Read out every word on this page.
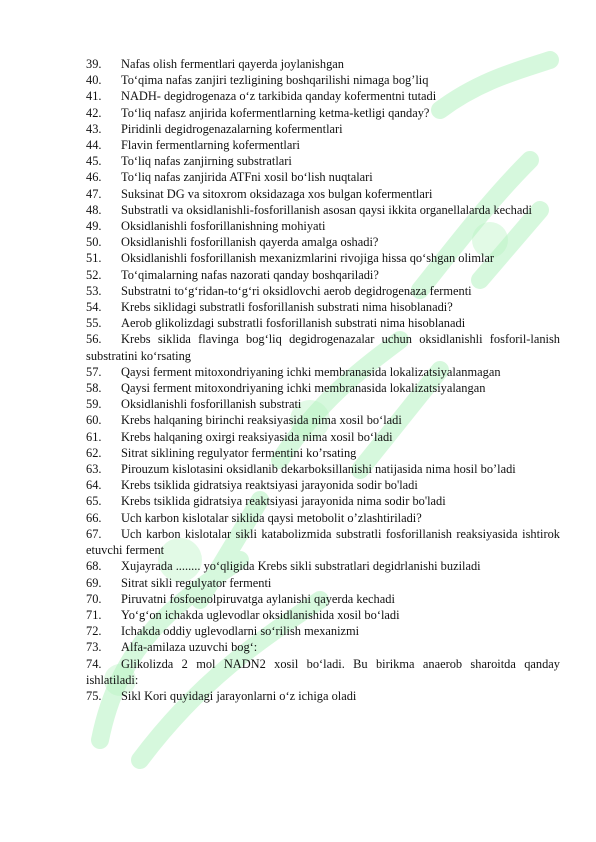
39. Nafas olish fermentlari qayerda joylanishgan
40. To‘qima nafas zanjiri tezligining boshqarilishi nimaga bog’liq
41. NADH- degidrogenaza o‘z tarkibida qanday kofermentni tutadi
42. To‘liq nafasz anjirida kofermentlarning ketma-ketligi qanday?
43. Piridinli degidrogenazalarning kofermentlari
44. Flavin fermentlarning kofermentlari
45. To‘liq nafas zanjirning substratlari
46. To‘liq nafas zanjirida ATFni xosil bo‘lish nuqtalari
47. Suksinat DG va sitoxrom oksidazaga xos bulgan kofermentlari
48. Substratli va oksidlanishli-fosforillanish asosan qaysi ikkita organellalarda kechadi
49. Oksidlanishli fosforillanishning mohiyati
50. Oksidlanishli fosforillanish qayerda amalga oshadi?
51. Oksidlanishli fosforillanish mexanizmlarini rivojiga hissa qo‘shgan olimlar
52. To‘qimalarning nafas nazorati qanday boshqariladi?
53. Substratni to‘g‘ridan-to‘g‘ri oksidlovchi aerob degidrogenaza fermenti
54. Krebs siklidagi substratli fosforillanish substrati nima hisoblanadi?
55. Aerob glikolizdagi substratli fosforillanish substrati nima hisoblanadi
56. Krebs siklida flavinga bog‘liq degidrogenazalar uchun oksidlanishli fosforil-lanish substratini ko‘rsating
57. Qaysi ferment mitoxondriyaning ichki membranasida lokalizatsiyalanmagan
58. Qaysi ferment mitoxondriyaning ichki membranasida lokalizatsiyalangan
59. Oksidlanishli fosforillanish substrati
60. Krebs halqaning birinchi reaksiyasida nima xosil bo‘ladi
61. Krebs halqaning oxirgi reaksiyasida nima xosil bo‘ladi
62. Sitrat siklining regulyator fermentini ko’rsating
63. Pirouzum kislotasini oksidlanib dekarboksillanishi natijasida nima hosil bo’ladi
64. Krebs tsiklida gidratsiya reaktsiyasi jarayonida sodir bo'ladi
65. Krebs tsiklida gidratsiya reaktsiyasi jarayonida nima sodir bo'ladi
66. Uch karbon kislotalar siklida qaysi metobolit o’zlashtiriladi?
67. Uch karbon kislotalar sikli katabolizmida substratli fosforillanish reaksiyasida ishtirok etuvchi ferment
68. Xujayrada ........ yo‘qligida Krebs sikli substratlari degidrlanishi buziladi
69. Sitrat sikli regulyator fermenti
70. Piruvatni fosfoenolpiruvatga aylanishi qayerda kechadi
71. Yo‘g‘on ichakda uglevodlar oksidlanishida xosil bo‘ladi
72. Ichakda oddiy uglevodlarni so‘rilish mexanizmi
73. Alfa-amilaza uzuvchi bog‘:
74. Glikolizda 2 mol NADN2 xosil bo‘ladi. Bu birikma anaerob sharoitda qanday ishlatiladi:
75. Sikl Kori quyidagi jarayonlarni o‘z ichiga oladi
